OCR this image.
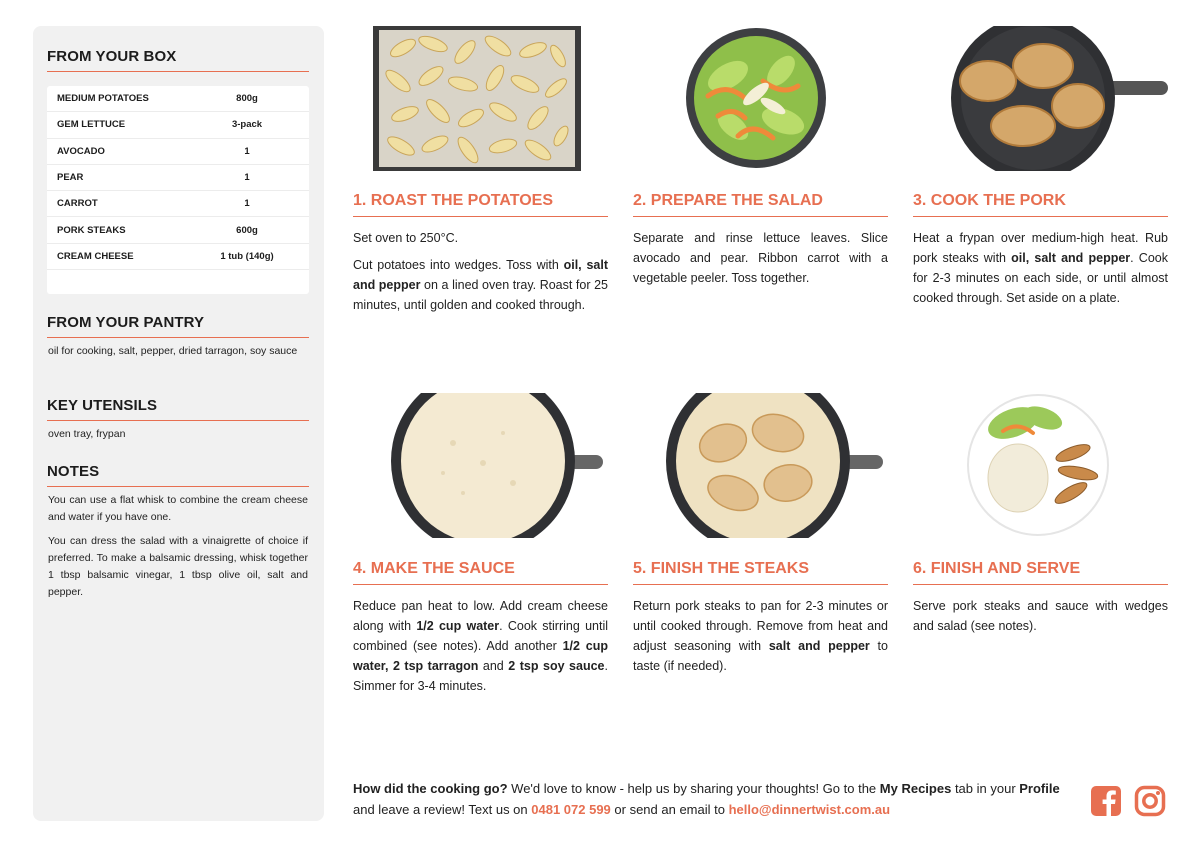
FROM YOUR BOX
MEDIUM POTATOES	800g
GEM LETTUCE	3-pack
AVOCADO	1
PEAR	1
CARROT	1
PORK STEAKS	600g
CREAM CHEESE	1 tub (140g)
FROM YOUR PANTRY
oil for cooking, salt, pepper, dried tarragon, soy sauce
KEY UTENSILS
oven tray, frypan
NOTES

You can use a flat whisk to combine the cream cheese and water if you have one.

You can dress the salad with a vinaigrette of choice if preferred. To make a balsamic dressing, whisk together 1 tbsp balsamic vinegar, 1 tbsp olive oil, salt and pepper.

1. ROAST THE POTATOES

Set oven to 250°C.

Cut potatoes into wedges. Toss with oil, salt and pepper on a lined oven tray. Roast for 25 minutes, until golden and cooked through.

2. PREPARE THE SALAD

Separate and rinse lettuce leaves. Slice avocado and pear. Ribbon carrot with a vegetable peeler. Toss together.

3. COOK THE PORK

Heat a frypan over medium-high heat. Rub pork steaks with oil, salt and pepper. Cook for 2-3 minutes on each side, or until almost cooked through. Set aside on a plate.

4. MAKE THE SAUCE

Reduce pan heat to low. Add cream cheese along with 1/2 cup water. Cook stirring until combined (see notes). Add another 1/2 cup water, 2 tsp tarragon and 2 tsp soy sauce. Simmer for 3-4 minutes.

5. FINISH THE STEAKS

Return pork steaks to pan for 2-3 minutes or until cooked through. Remove from heat and adjust seasoning with salt and pepper to taste (if needed).

6. FINISH AND SERVE

Serve pork steaks and sauce with wedges and salad (see notes).

How did the cooking go? We'd love to know - help us by sharing your thoughts! Go to the My Recipes tab in your Profile and leave a review! Text us on 0481 072 599 or send an email to hello@dinnertwist.com.au
